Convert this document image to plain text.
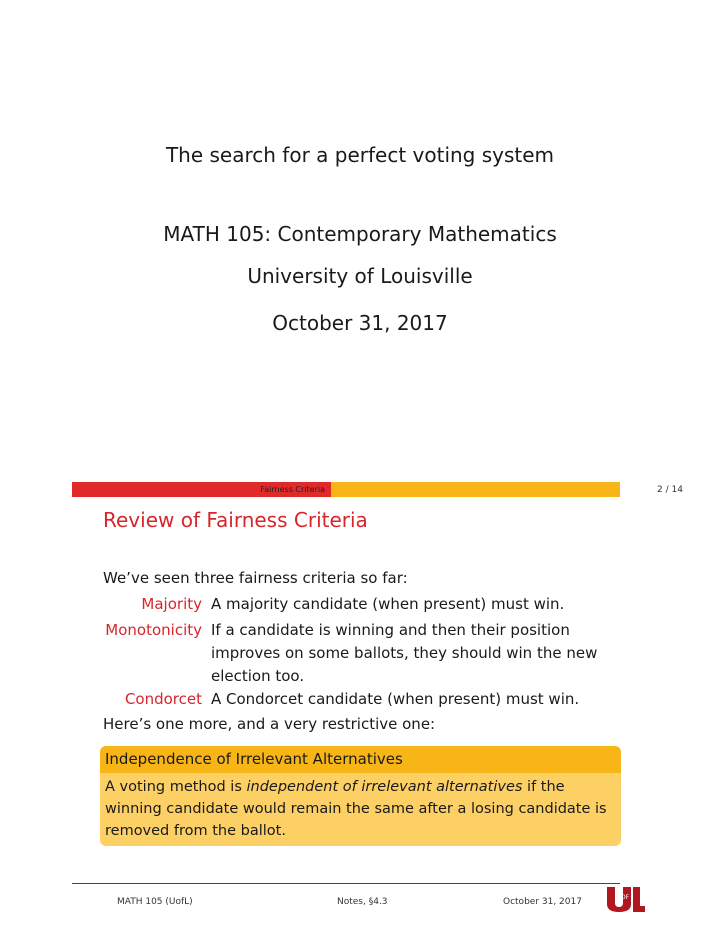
The search for a perfect voting system
MATH 105: Contemporary Mathematics
University of Louisville
October 31, 2017
Fairness Criteria	2 / 14
Review of Fairness Criteria
We’ve seen three fairness criteria so far:
Majority A majority candidate (when present) must win.
Monotonicity If a candidate is winning and then their position improves on some ballots, they should win the new election too.
Condorcet A Condorcet candidate (when present) must win.
Here’s one more, and a very restrictive one:
Independence of Irrelevant Alternatives
A voting method is independent of irrelevant alternatives if the winning candidate would remain the same after a losing candidate is removed from the ballot.
MATH 105 (UofL)	Notes, §4.3	October 31, 2017	OF
